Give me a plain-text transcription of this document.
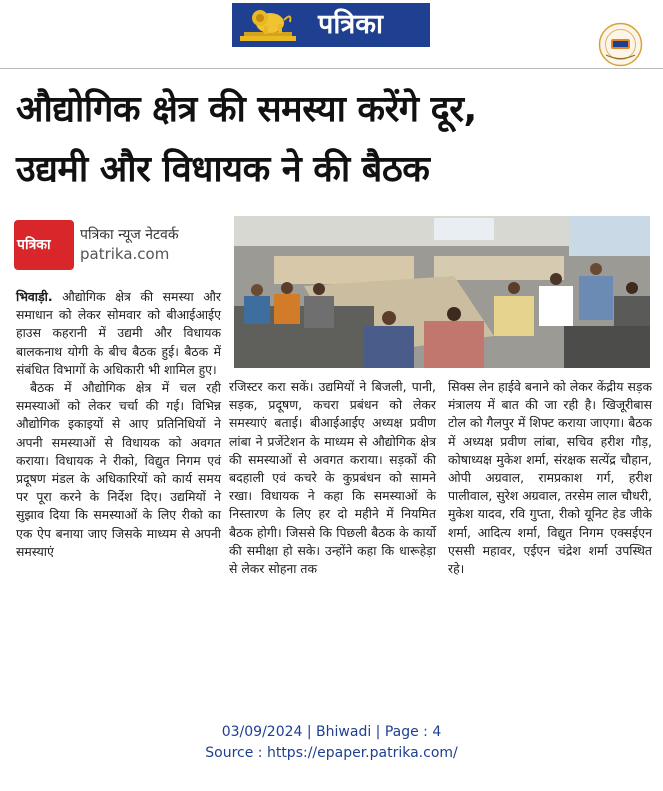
पत्रिका
औद्योगिक क्षेत्र की समस्या करेंगे दूर,
उद्यमी और विधायक ने की बैठक
पत्रिका
पत्रिका न्यूज नेटवर्क
patrika.com

भिवाड़ी. औद्योगिक क्षेत्र की समस्या और समाधान को लेकर सोमवार को बीआईआईए हाउस कहरानी में उद्यमी और विधायक बालकनाथ योगी के बीच बैठक हुई। बैठक में संबंधित विभागों के अधिकारी भी शामिल हुए।

बैठक में औद्योगिक क्षेत्र में चल रही समस्याओं को लेकर चर्चा की गई। विभिन्न औद्योगिक इकाइयों से आए प्रतिनिधियों ने अपनी समस्याओं से विधायक को अवगत कराया। विधायक ने रीको, विद्युत निगम एवं प्रदूषण मंडल के अधिकारियों को कार्य समय पर पूरा करने के निर्देश दिए। उद्यमियों ने सुझाव दिया कि समस्याओं के लिए रीको का एक ऐप बनाया जाए जिसके माध्यम से अपनी समस्याएं

रजिस्टर करा सकें। उद्यमियों ने बिजली, पानी, सड़क, प्रदूषण, कचरा प्रबंधन को लेकर समस्याएं बताई। बीआईआईए अध्यक्ष प्रवीण लांबा ने प्रजेंटेशन के माध्यम से औद्योगिक क्षेत्र की समस्याओं से अवगत कराया। सड़कों की बदहाली एवं कचरे के कुप्रबंधन को सामने रखा। विधायक ने कहा कि समस्याओं के निस्तारण के लिए हर दो महीने में नियमित बैठक होगी। जिससे कि पिछली बैठक के कार्यो की समीक्षा हो सके। उन्होंने कहा कि धारूहेड़ा से लेकर सोहना तक

सिक्स लेन हाईवे बनाने को लेकर केंद्रीय सड़क मंत्रालय में बात की जा रही है। खिजूरीबास टोल को गैलपुर में शिफ्ट कराया जाएगा। बैठक में अध्यक्ष प्रवीण लांबा, सचिव हरीश गौड़, कोषाध्यक्ष मुकेश शर्मा, संरक्षक सत्येंद्र चौहान, ओपी अग्रवाल, रामप्रकाश गर्ग, हरीश पालीवाल, सुरेश अग्रवाल, तरसेम लाल चौधरी, मुकेश यादव, रवि गुप्ता, रीको यूनिट हेड जीके शर्मा, आदित्य शर्मा, विद्युत निगम एक्सईएन एससी महावर, एईएन चंद्रेश शर्मा उपस्थित रहे।

03/09/2024 | Bhiwadi | Page : 4
Source : https://epaper.patrika.com/
